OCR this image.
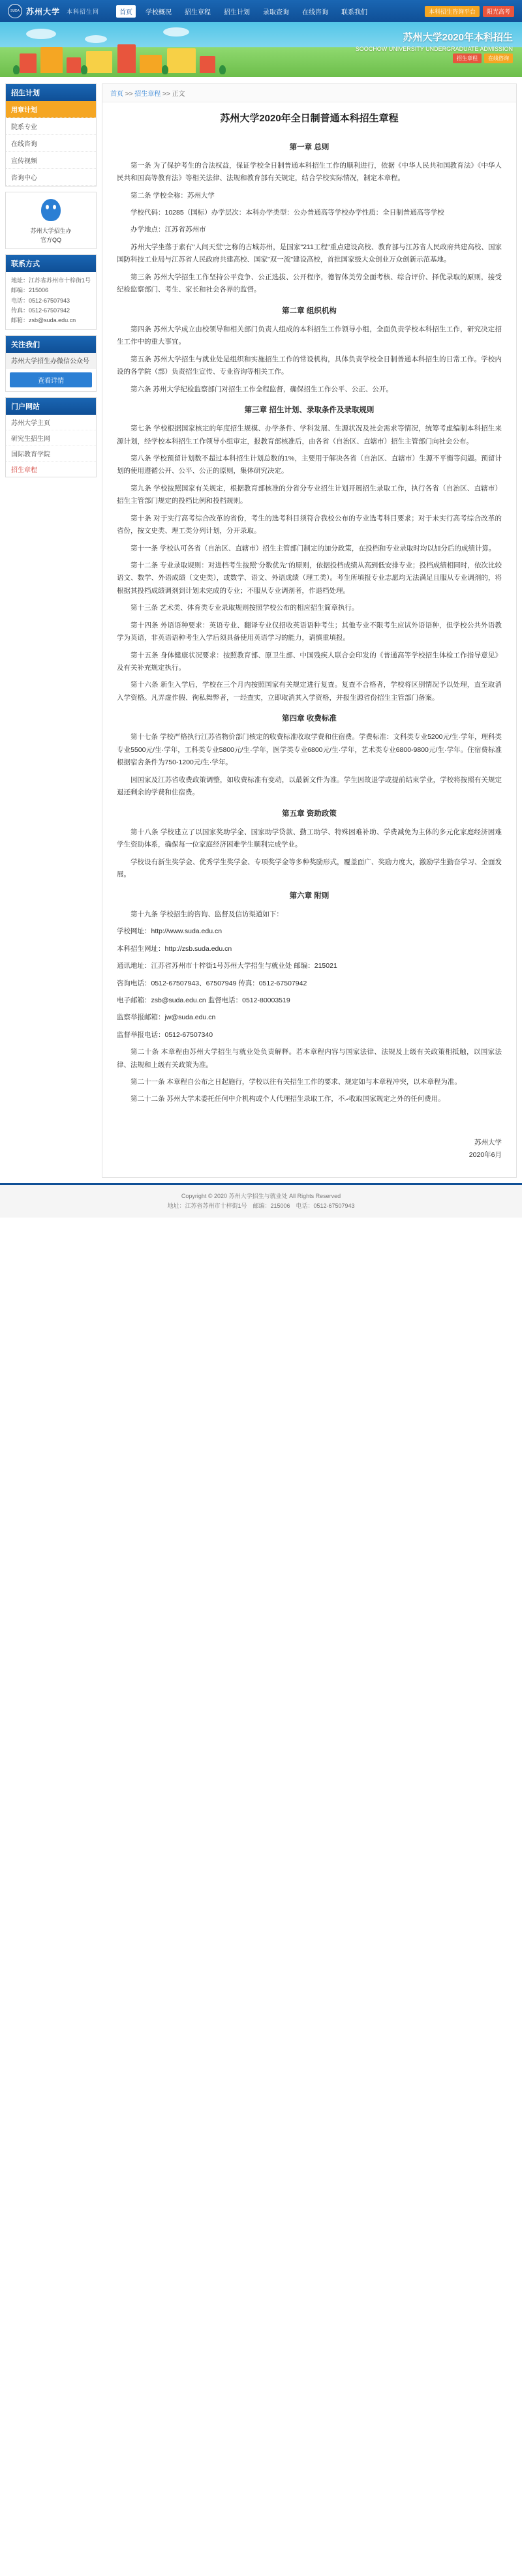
SUDA 苏州大学 本科招生网	首页	学校概况	招生章程	招生计划	录取查询	在线咨询	联系我们	本科招生咨询平台	阳光高考
苏州大学2020年本科招生
SOOCHOW UNIVERSITY UNDERGRADUATE ADMISSION
招生章程	在线咨询
招生计划
用章计划
院系专业
在线咨询
宣传视频
咨询中心
苏州大学招生办
官方QQ
联系方式
地址：江苏省苏州市十梓街1号
邮编：215006
电话：0512-67507943
传真：0512-67507942
邮箱：zsb@suda.edu.cn
关注我们
苏州大学招生办微信公众号
查看详情
门户网站
苏州大学主页
研究生招生网
国际教育学院
招生章程
首页 >> 招生章程 >> 正文
苏州大学2020年全日制普通本科招生章程

第一章 总则

第一条 为了保护考生的合法权益，保证学校全日制普通本科招生工作的顺利进行，依据《中华人民共和国教育法》《中华人民共和国高等教育法》等相关法律、法规和教育部有关规定，结合学校实际情况，制定本章程。

第二条 学校全称：苏州大学

学校代码：10285（国标）办学层次：本科办学类型：公办普通高等学校办学性质：全日制普通高等学校

办学地点：江苏省苏州市

苏州大学坐落于素有"人间天堂"之称的古城苏州，是国家"211工程"重点建设高校、教育部与江苏省人民政府共建高校、国家国防科技工业局与江苏省人民政府共建高校、国家"双一流"建设高校，首批国家级大众创业万众创新示范基地。

第三条 苏州大学招生工作坚持公平竞争、公正选拔、公开程序，德智体美劳全面考核、综合评价、择优录取的原则，接受纪检监察部门、考生、家长和社会各界的监督。

第二章 组织机构

第四条 苏州大学成立由校领导和相关部门负责人组成的本科招生工作领导小组，全面负责学校本科招生工作，研究决定招生工作中的重大事宜。

第五条 苏州大学招生与就业处是组织和实施招生工作的常设机构，具体负责学校全日制普通本科招生的日常工作。学校内设的各学院（部）负责招生宣传、专业咨询等相关工作。

第六条 苏州大学纪检监察部门对招生工作全程监督，确保招生工作公平、公正、公开。

第三章 招生计划、录取条件及录取规则

第七条 学校根据国家核定的年度招生规模、办学条件、学科发展、生源状况及社会需求等情况，统筹考虑编制本科招生来源计划，经学校本科招生工作领导小组审定，报教育部核准后，由各省（自治区、直辖市）招生主管部门向社会公布。

第八条 学校预留计划数不超过本科招生计划总数的1%，主要用于解决各省（自治区、直辖市）生源不平衡等问题。预留计划的使用遵循公开、公平、公正的原则，集体研究决定。

第九条 学校按照国家有关规定，根据教育部核准的分省分专业招生计划开展招生录取工作，执行各省（自治区、直辖市）招生主管部门规定的投档比例和投档规则。

第十条 对于实行高考综合改革的省份，考生的选考科目须符合我校公布的专业选考科目要求；对于未实行高考综合改革的省份，按文史类、理工类分列计划，分开录取。

第十一条 学校认可各省（自治区、直辖市）招生主管部门制定的加分政策，在投档和专业录取时均以加分后的成绩计算。

第十二条 专业录取规则：对进档考生按照"分数优先"的原则，依据投档成绩从高到低安排专业；投档成绩相同时，依次比较语文、数学、外语成绩（文史类），或数学、语文、外语成绩（理工类）。考生所填报专业志愿均无法满足且服从专业调剂的，将根据其投档成绩调剂到计划未完成的专业；不服从专业调剂者，作退档处理。

第十三条 艺术类、体育类专业录取规则按照学校公布的相应招生简章执行。

第十四条 外语语种要求：英语专业、翻译专业仅招收英语语种考生；其他专业不限考生应试外语语种，但学校公共外语教学为英语，非英语语种考生入学后须具备使用英语学习的能力，请慎重填报。

第十五条 身体健康状况要求：按照教育部、原卫生部、中国残疾人联合会印发的《普通高等学校招生体检工作指导意见》及有关补充规定执行。

第十六条 新生入学后，学校在三个月内按照国家有关规定进行复查。复查不合格者，学校将区别情况予以处理，直至取消入学资格。凡弄虚作假、徇私舞弊者，一经查实，立即取消其入学资格，并报生源省份招生主管部门备案。

第四章 收费标准

第十七条 学校严格执行江苏省物价部门核定的收费标准收取学费和住宿费。学费标准：文科类专业5200元/生·学年，理科类专业5500元/生·学年，工科类专业5800元/生·学年，医学类专业6800元/生·学年，艺术类专业6800-9800元/生·学年。住宿费标准根据宿舍条件为750-1200元/生·学年。

因国家及江苏省收费政策调整，如收费标准有变动，以最新文件为准。学生因故退学或提前结束学业，学校将按照有关规定退还剩余的学费和住宿费。

第五章 资助政策

第十八条 学校建立了以国家奖助学金、国家助学贷款、勤工助学、特殊困难补助、学费减免为主体的多元化家庭经济困难学生资助体系，确保每一位家庭经济困难学生顺利完成学业。

学校设有新生奖学金、优秀学生奖学金、专项奖学金等多种奖励形式，覆盖面广、奖励力度大，激励学生勤奋学习、全面发展。

第六章 附则

第十九条 学校招生的咨询、监督及信访渠道如下：

学校网址：http://www.suda.edu.cn

本科招生网址：http://zsb.suda.edu.cn

通讯地址：江苏省苏州市十梓街1号苏州大学招生与就业处 邮编：215021

咨询电话：0512-67507943、67507949 传真：0512-67507942

电子邮箱：zsb@suda.edu.cn 监督电话：0512-80003519

监察举报邮箱：jw@suda.edu.cn

监督举报电话：0512-67507340

第二十条 本章程由苏州大学招生与就业处负责解释。若本章程内容与国家法律、法规及上级有关政策相抵触，以国家法律、法规和上级有关政策为准。

第二十一条 本章程自公布之日起施行，学校以往有关招生工作的要求、规定如与本章程冲突，以本章程为准。

第二十二条 苏州大学未委托任何中介机构或个人代理招生录取工作，不ރ收取国家规定之外的任何费用。

苏州大学
2020年6月
Copyright © 2020 苏州大学招生与就业处 All Rights Reserved
地址：江苏省苏州市十梓街1号　邮编：215006　电话：0512-67507943
